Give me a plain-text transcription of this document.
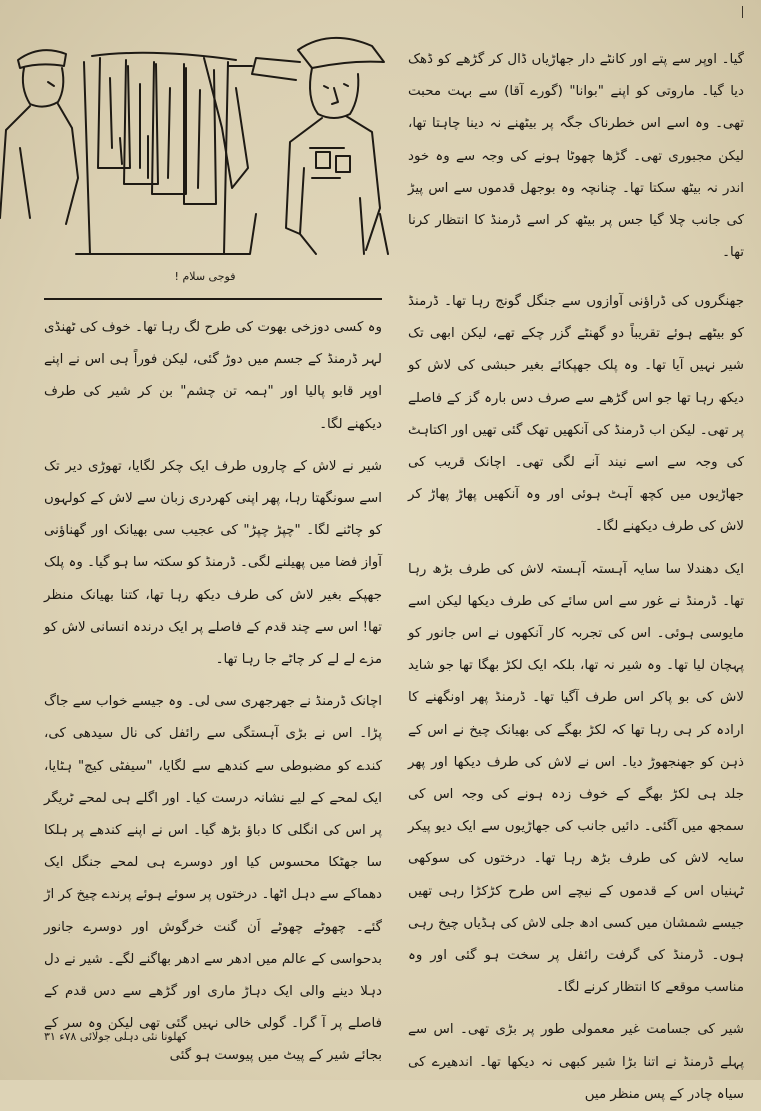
فوجی سلام !

گیا۔ اوپر سے پتے اور کانٹے دار جھاڑیاں ڈال کر گڑھے کو ڈھک دیا گیا۔ ماروتی کو اپنے "بوانا" (گورے آقا) سے بہت محبت تھی۔ وہ اسے اس خطرناک جگہ پر بیٹھنے نہ دینا چاہتا تھا، لیکن مجبوری تھی۔ گڑھا چھوٹا ہونے کی وجہ سے وہ خود اندر نہ بیٹھ سکتا تھا۔ چنانچہ وہ بوجھل قدموں سے اس پیڑ کی جانب چلا گیا جس پر بیٹھ کر اسے ڈرمنڈ کا انتظار کرنا تھا۔

جھنگروں کی ڈراؤنی آوازوں سے جنگل گونج رہا تھا۔ ڈرمنڈ کو بیٹھے ہوئے تقریباً دو گھنٹے گزر چکے تھے، لیکن ابھی تک شیر نہیں آیا تھا۔ وہ پلک جھپکائے بغیر حبشی کی لاش کو دیکھ رہا تھا جو اس گڑھے سے صرف دس بارہ گز کے فاصلے پر تھی۔ لیکن اب ڈرمنڈ کی آنکھیں تھک گئی تھیں اور اکتاہٹ کی وجہ سے اسے نیند آنے لگی تھی۔ اچانک قریب کی جھاڑیوں میں کچھ آہٹ ہوئی اور وہ آنکھیں پھاڑ پھاڑ کر لاش کی طرف دیکھنے لگا۔

ایک دھندلا سا سایہ آہستہ آہستہ لاش کی طرف بڑھ رہا تھا۔ ڈرمنڈ نے غور سے اس سائے کی طرف دیکھا لیکن اسے مایوسی ہوئی۔ اس کی تجربہ کار آنکھوں نے اس جانور کو پہچان لیا تھا۔ وہ شیر نہ تھا، بلکہ ایک لکڑ بھگا تھا جو شاید لاش کی بو پاکر اس طرف آگیا تھا۔ ڈرمنڈ پھر اونگھنے کا ارادہ کر ہی رہا تھا کہ لکڑ بھگے کی بھیانک چیخ نے اس کے ذہن کو جھنجھوڑ دیا۔ اس نے لاش کی طرف دیکھا اور پھر جلد ہی لکڑ بھگے کے خوف زدہ ہونے کی وجہ اس کی سمجھ میں آگئی۔ دائیں جانب کی جھاڑیوں سے ایک دیو پیکر سایہ لاش کی طرف بڑھ رہا تھا۔ درختوں کی سوکھی ٹہنیاں اس کے قدموں کے نیچے اس طرح کڑکڑا رہی تھیں جیسے شمشان میں کسی ادھ جلی لاش کی ہڈیاں چیخ رہی ہوں۔ ڈرمنڈ کی گرفت رائفل پر سخت ہو گئی اور وہ مناسب موقعے کا انتظار کرنے لگا۔

شیر کی جسامت غیر معمولی طور پر بڑی تھی۔ اس سے پہلے ڈرمنڈ نے اتنا بڑا شیر کبھی نہ دیکھا تھا۔ اندھیرے کی سیاہ چادر کے پس منظر میں

وہ کسی دوزخی بھوت کی طرح لگ رہا تھا۔ خوف کی ٹھنڈی لہر ڈرمنڈ کے جسم میں دوڑ گئی، لیکن فوراً ہی اس نے اپنے اوپر قابو پالیا اور "ہمہ تن چشم" بن کر شیر کی طرف دیکھنے لگا۔

شیر نے لاش کے چاروں طرف ایک چکر لگایا، تھوڑی دیر تک اسے سونگھتا رہا، پھر اپنی کھردری زبان سے لاش کے کولہوں کو چاٹنے لگا۔ "چپڑ چپڑ" کی عجیب سی بھیانک اور گھناؤنی آواز فضا میں پھیلنے لگی۔ ڈرمنڈ کو سکتہ سا ہو گیا۔ وہ پلک جھپکے بغیر لاش کی طرف دیکھ رہا تھا، کتنا بھیانک منظر تھا! اس سے چند قدم کے فاصلے پر ایک درندہ انسانی لاش کو مزے لے لے کر چاٹے جا رہا تھا۔

اچانک ڈرمنڈ نے جھرجھری سی لی۔ وہ جیسے خواب سے جاگ پڑا۔ اس نے بڑی آہستگی سے رائفل کی نال سیدھی کی، کندے کو مضبوطی سے کندھے سے لگایا، "سیفٹی کیچ" ہٹایا، ایک لمحے کے لیے نشانہ درست کیا۔ اور اگلے ہی لمحے ٹریگر پر اس کی انگلی کا دباؤ بڑھ گیا۔ اس نے اپنے کندھے پر ہلکا سا جھٹکا محسوس کیا اور دوسرے ہی لمحے جنگل ایک دھماکے سے دہل اٹھا۔ درختوں پر سوئے ہوئے پرندے چیخ کر اڑ گئے۔ چھوٹے چھوٹے اَن گنت خرگوش اور دوسرے جانور بدحواسی کے عالم میں ادھر سے ادھر بھاگنے لگے۔ شیر نے دل دہلا دینے والی ایک دہاڑ ماری اور گڑھے سے دس قدم کے فاصلے پر آ گرا۔ گولی خالی نہیں گئی تھی لیکن وہ سر کے بجائے شیر کے پیٹ میں پیوست ہو گئی

کھلونا نئی دہلی جولائی ۷۸ء ۳۱
